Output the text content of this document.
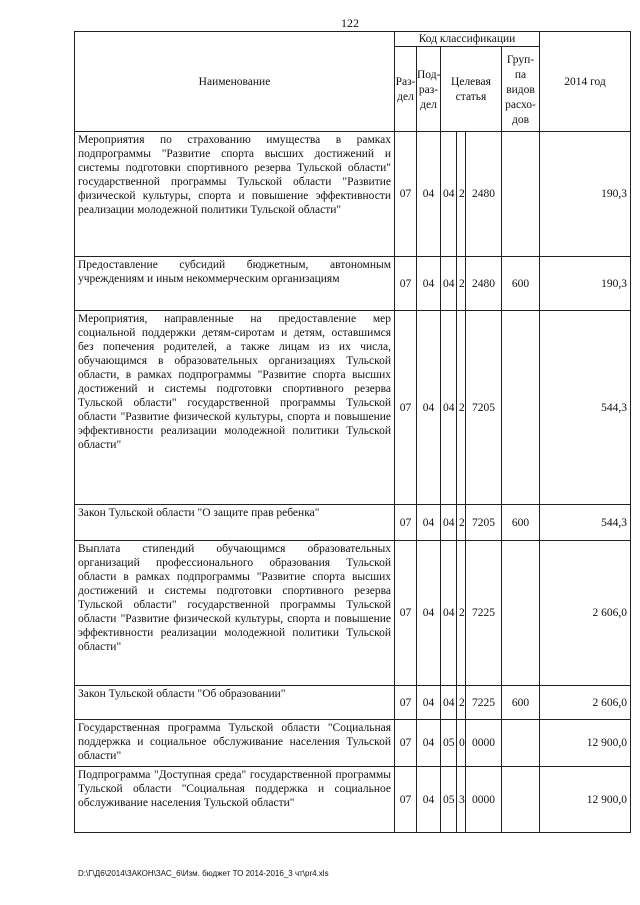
122
Наименование	Код классификации						2014 год
	Раз-дел	Под-раз-дел	Целевая статья			Груп-па видов расхо-дов	
Мероприятия по страхованию имущества в рамках подпрограммы "Развитие спорта высших достижений и системы подготовки спортивного резерва Тульской области" государственной программы Тульской области "Развитие физической культуры, спорта и повышение эффективности реализации молодежной политики Тульской области"	07	04	04	2	2480		190,3
Предоставление субсидий бюджетным, автономным учреждениям и иным некоммерческим организациям	07	04	04	2	2480	600	190,3
Мероприятия, направленные на предоставление мер социальной поддержки детям-сиротам и детям, оставшимся без попечения родителей, а также лицам из их числа, обучающимся в образовательных организациях Тульской области, в рамках подпрограммы "Развитие спорта высших достижений и системы подготовки спортивного резерва Тульской области" государственной программы Тульской области "Развитие физической культуры, спорта и повышение эффективности реализации молодежной политики Тульской области"	07	04	04	2	7205		544,3
Закон Тульской области "О защите прав ребенка"	07	04	04	2	7205	600	544,3
Выплата стипендий обучающимся образовательных организаций профессионального образования Тульской области в рамках подпрограммы "Развитие спорта высших достижений и системы подготовки спортивного резерва Тульской области" государственной программы Тульской области "Развитие физической культуры, спорта и повышение эффективности реализации молодежной политики Тульской области"	07	04	04	2	7225		2 606,0
Закон Тульской области "Об образовании"	07	04	04	2	7225	600	2 606,0
Государственная программа Тульской области "Социальная поддержка и социальное обслуживание населения Тульской области"	07	04	05	0	0000		12 900,0
Подпрограмма "Доступная среда" государственной программы Тульской области "Социальная поддержка и социальное обслуживание населения Тульской области"	07	04	05	3	0000		12 900,0
D:\Г\Д6\2014\ЗАКОН\ЗАС_6\Изм. бюджет ТО 2014-2016_3 чт\pr4.xls
